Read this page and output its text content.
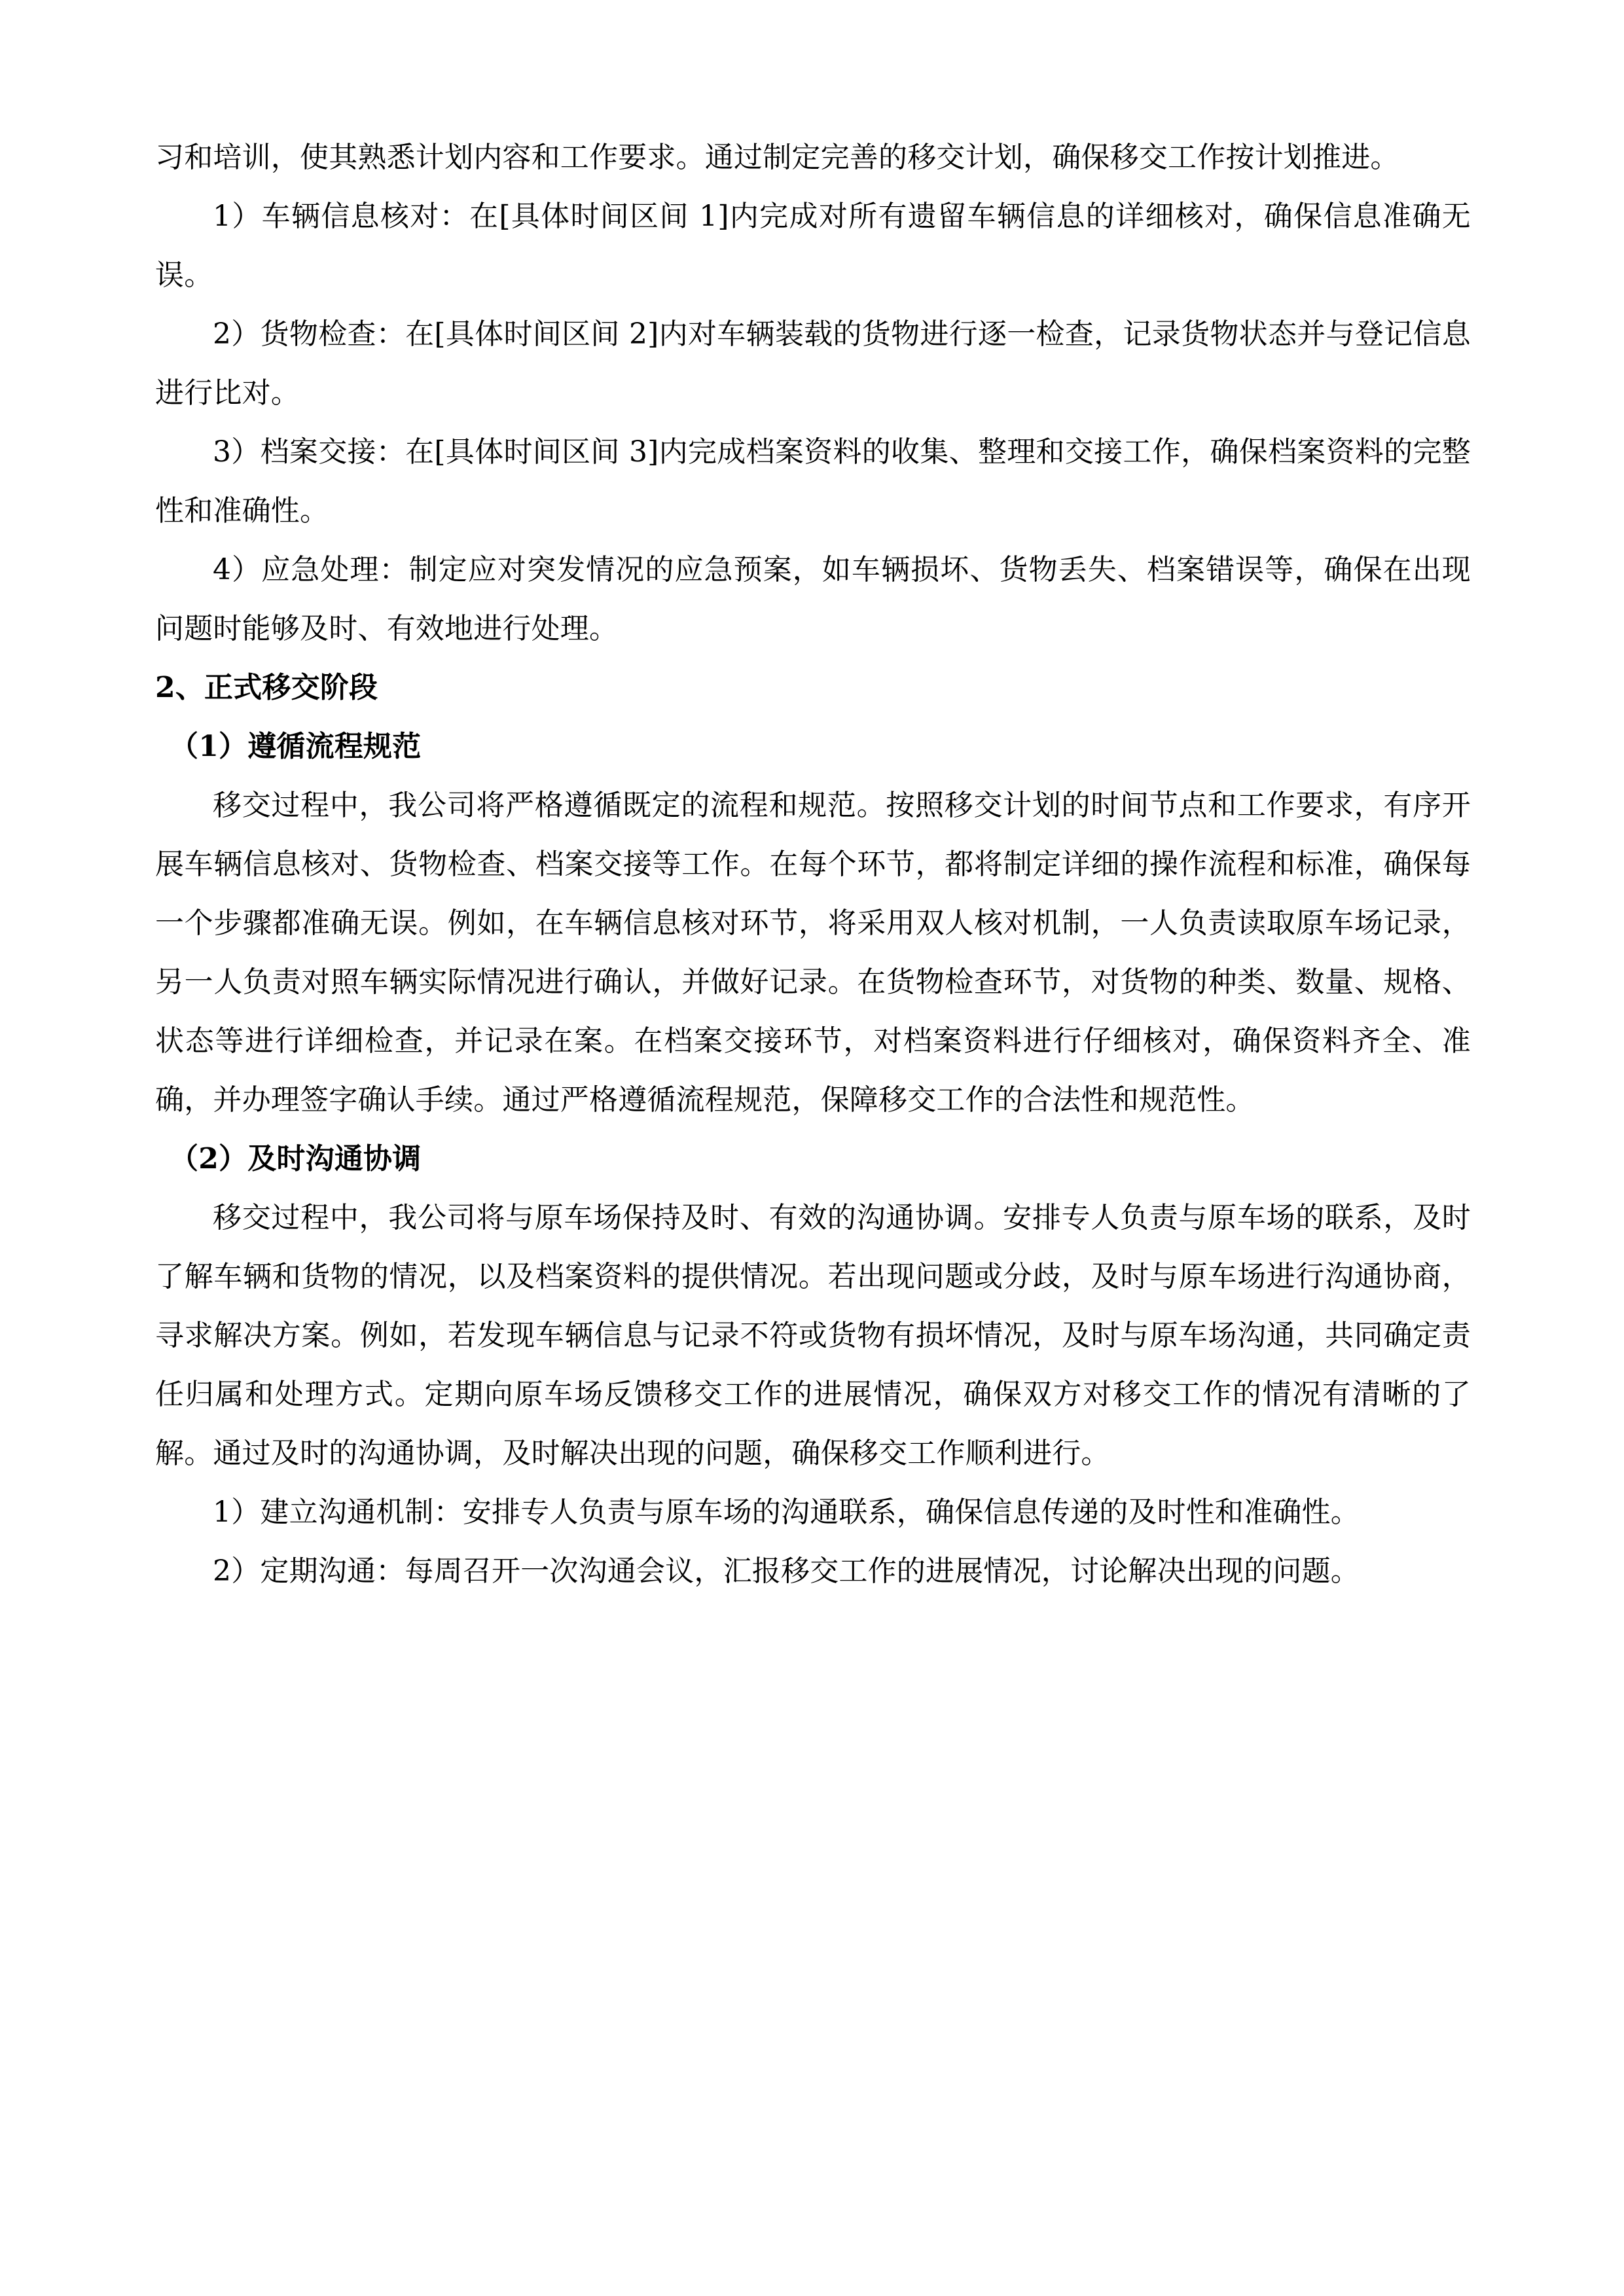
习和培训，使其熟悉计划内容和工作要求。通过制定完善的移交计划，确保移交工作按计划推进。

1）车辆信息核对：在[具体时间区间 1]内完成对所有遗留车辆信息的详细核对，确保信息准确无误。

2）货物检查：在[具体时间区间 2]内对车辆装载的货物进行逐一检查，记录货物状态并与登记信息进行比对。

3）档案交接：在[具体时间区间 3]内完成档案资料的收集、整理和交接工作，确保档案资料的完整性和准确性。

4）应急处理：制定应对突发情况的应急预案，如车辆损坏、货物丢失、档案错误等，确保在出现问题时能够及时、有效地进行处理。

2、正式移交阶段
（1）遵循流程规范

移交过程中，我公司将严格遵循既定的流程和规范。按照移交计划的时间节点和工作要求，有序开展车辆信息核对、货物检查、档案交接等工作。在每个环节，都将制定详细的操作流程和标准，确保每一个步骤都准确无误。例如，在车辆信息核对环节，将采用双人核对机制，一人负责读取原车场记录，另一人负责对照车辆实际情况进行确认，并做好记录。在货物检查环节，对货物的种类、数量、规格、状态等进行详细检查，并记录在案。在档案交接环节，对档案资料进行仔细核对，确保资料齐全、准确，并办理签字确认手续。通过严格遵循流程规范，保障移交工作的合法性和规范性。

（2）及时沟通协调

移交过程中，我公司将与原车场保持及时、有效的沟通协调。安排专人负责与原车场的联系，及时了解车辆和货物的情况，以及档案资料的提供情况。若出现问题或分歧，及时与原车场进行沟通协商，寻求解决方案。例如，若发现车辆信息与记录不符或货物有损坏情况，及时与原车场沟通，共同确定责任归属和处理方式。定期向原车场反馈移交工作的进展情况，确保双方对移交工作的情况有清晰的了解。通过及时的沟通协调，及时解决出现的问题，确保移交工作顺利进行。

1）建立沟通机制：安排专人负责与原车场的沟通联系，确保信息传递的及时性和准确性。

2）定期沟通：每周召开一次沟通会议，汇报移交工作的进展情况，讨论解决出现的问题。
